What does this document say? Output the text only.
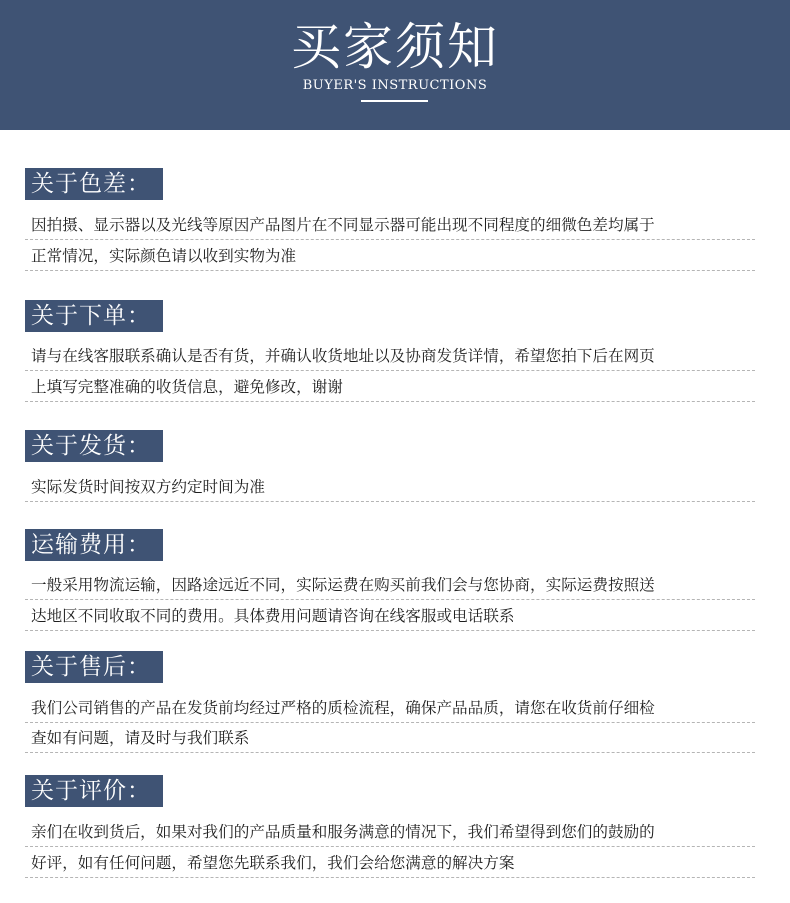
买家须知
BUYER'S INSTRUCTIONS
关于色差：
因拍摄、显示器以及光线等原因产品图片在不同显示器可能出现不同程度的细微色差均属于
正常情况，实际颜色请以收到实物为准
关于下单：
请与在线客服联系确认是否有货，并确认收货地址以及协商发货详情，希望您拍下后在网页
上填写完整准确的收货信息，避免修改，谢谢
关于发货：
实际发货时间按双方约定时间为准
运输费用：
一般采用物流运输，因路途远近不同，实际运费在购买前我们会与您协商，实际运费按照送
达地区不同收取不同的费用。具体费用问题请咨询在线客服或电话联系
关于售后：
我们公司销售的产品在发货前均经过严格的质检流程，确保产品品质，请您在收货前仔细检
查如有问题，请及时与我们联系
关于评价：
亲们在收到货后，如果对我们的产品质量和服务满意的情况下，我们希望得到您们的鼓励的
好评，如有任何问题，希望您先联系我们，我们会给您满意的解决方案
